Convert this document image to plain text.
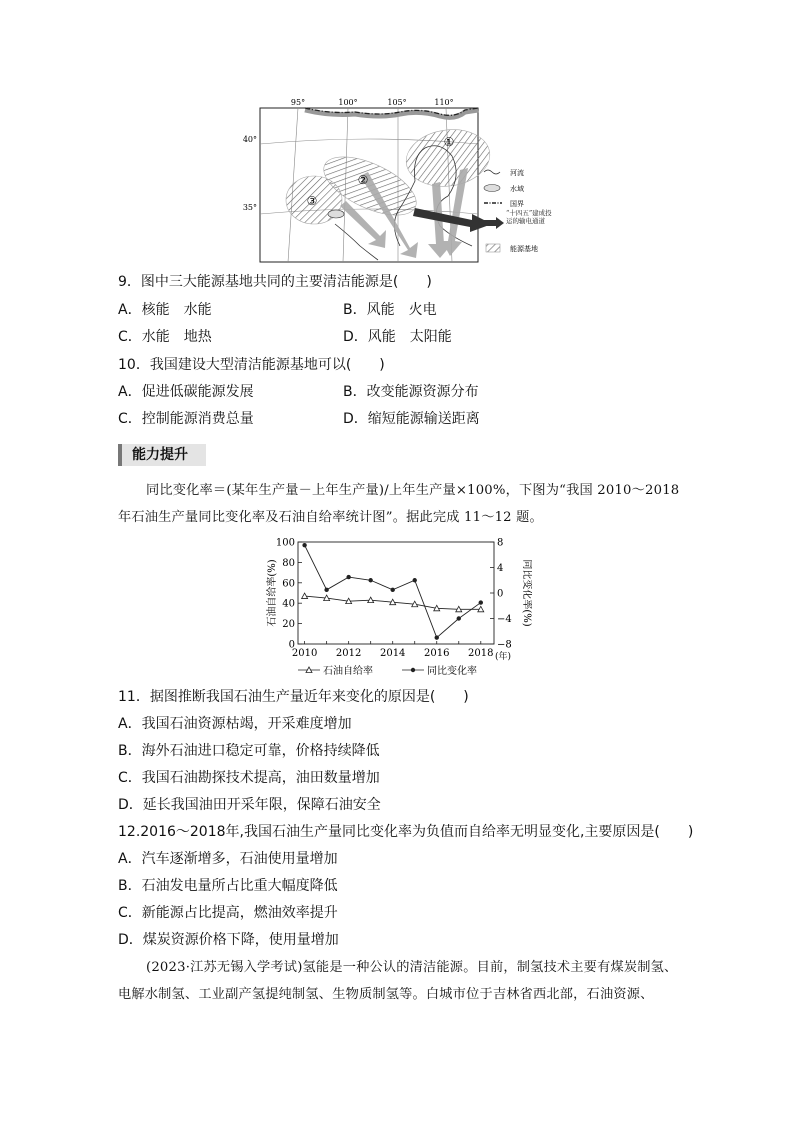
①
②
③
95°	100°	105°	110°
40°
35°
河流
水域
国界
“十四五”建成投运的输电通道
能源基地
9．图中三大能源基地共同的主要清洁能源是(　　)
A．核能　水能	B．风能　火电
C．水能　地热	D．风能　太阳能
10．我国建设大型清洁能源基地可以(　　)
A．促进低碳能源发展	B．改变能源资源分布
C．控制能源消费总量	D．缩短能源输送距离
能力提升
同比变化率＝(某年生产量－上年生产量)/上年生产量×100%，下图为“我国 2010～2018
年石油生产量同比变化率及石油自给率统计图”。据此完成 11～12 题。
0
20
40
60
80
100
−8
−4
0
4
8
2010 2012 2014 2016 2018
石油自给率(%)	同比变化率(%)
(年)
石油自给率	同比变化率
11．据图推断我国石油生产量近年来变化的原因是(　　)
A．我国石油资源枯竭，开采难度增加
B．海外石油进口稳定可靠，价格持续降低
C．我国石油勘探技术提高，油田数量增加
D．延长我国油田开采年限，保障石油安全
12.2016～2018年,我国石油生产量同比变化率为负值而自给率无明显变化,主要原因是(　　)
A．汽车逐渐增多，石油使用量增加
B．石油发电量所占比重大幅度降低
C．新能源占比提高，燃油效率提升
D．煤炭资源价格下降，使用量增加
(2023·江苏无锡入学考试)氢能是一种公认的清洁能源。目前，制氢技术主要有煤炭制氢、
电解水制氢、工业副产氢提纯制氢、生物质制氢等。白城市位于吉林省西北部，石油资源、
